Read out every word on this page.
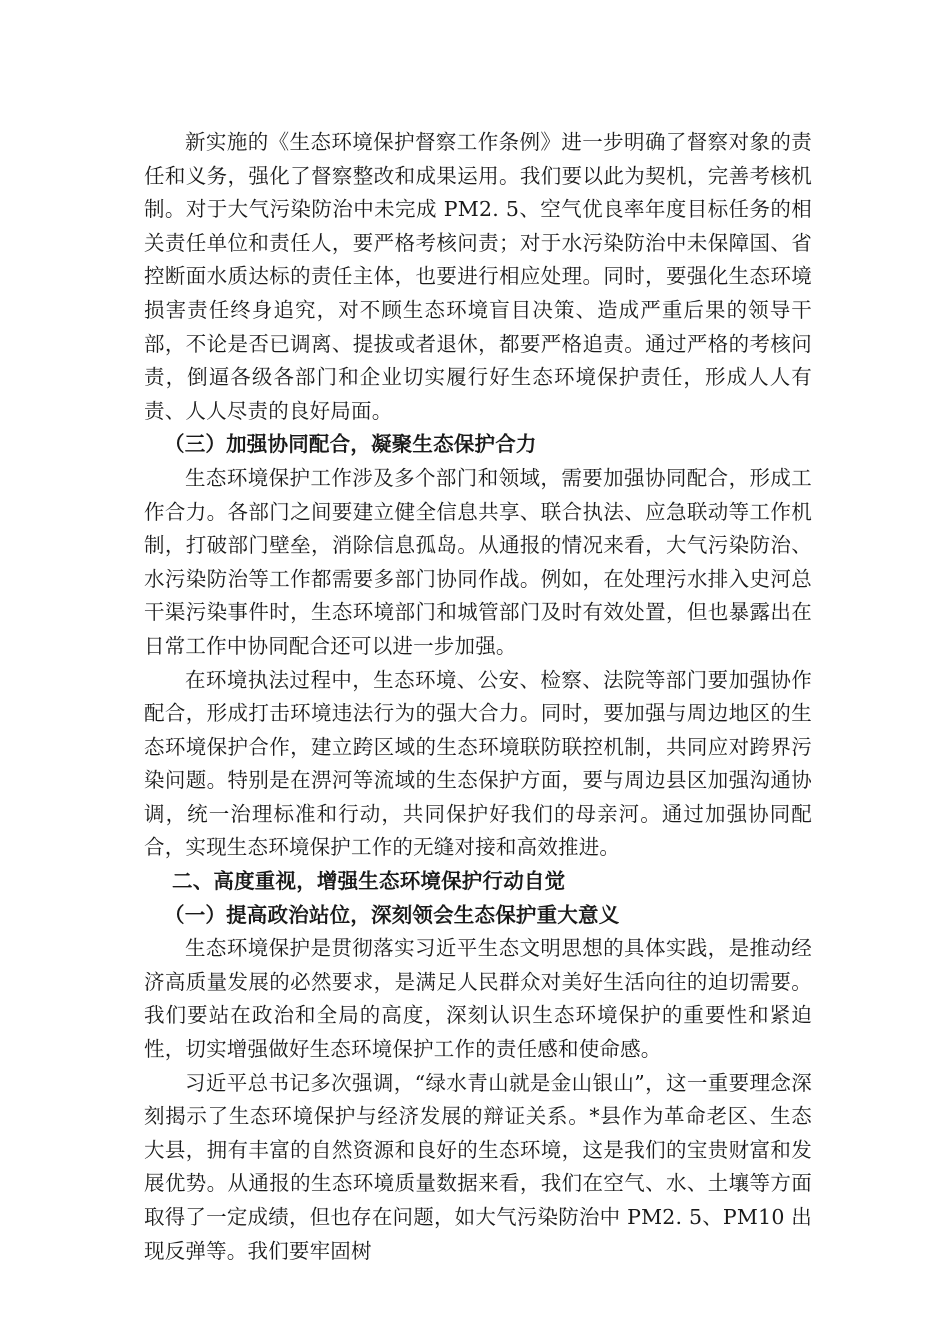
新实施的《生态环境保护督察工作条例》进一步明确了督察对象的责任和义务，强化了督察整改和成果运用。我们要以此为契机，完善考核机制。对于大气污染防治中未完成 PM2. 5、空气优良率年度目标任务的相关责任单位和责任人，要严格考核问责；对于水污染防治中未保障国、省控断面水质达标的责任主体，也要进行相应处理。同时，要强化生态环境损害责任终身追究，对不顾生态环境盲目决策、造成严重后果的领导干部，不论是否已调离、提拔或者退休，都要严格追责。通过严格的考核问责，倒逼各级各部门和企业切实履行好生态环境保护责任，形成人人有责、人人尽责的良好局面。

（三）加强协同配合，凝聚生态保护合力

生态环境保护工作涉及多个部门和领域，需要加强协同配合，形成工作合力。各部门之间要建立健全信息共享、联合执法、应急联动等工作机制，打破部门壁垒，消除信息孤岛。从通报的情况来看，大气污染防治、水污染防治等工作都需要多部门协同作战。例如，在处理污水排入史河总干渠污染事件时，生态环境部门和城管部门及时有效处置，但也暴露出在日常工作中协同配合还可以进一步加强。

在环境执法过程中，生态环境、公安、检察、法院等部门要加强协作配合，形成打击环境违法行为的强大合力。同时，要加强与周边地区的生态环境保护合作，建立跨区域的生态环境联防联控机制，共同应对跨界污染问题。特别是在淠河等流域的生态保护方面，要与周边县区加强沟通协调，统一治理标准和行动，共同保护好我们的母亲河。通过加强协同配合，实现生态环境保护工作的无缝对接和高效推进。

二、高度重视，增强生态环境保护行动自觉

（一）提高政治站位，深刻领会生态保护重大意义

生态环境保护是贯彻落实习近平生态文明思想的具体实践，是推动经济高质量发展的必然要求，是满足人民群众对美好生活向往的迫切需要。我们要站在政治和全局的高度，深刻认识生态环境保护的重要性和紧迫性，切实增强做好生态环境保护工作的责任感和使命感。

习近平总书记多次强调，“绿水青山就是金山银山”，这一重要理念深刻揭示了生态环境保护与经济发展的辩证关系。*县作为革命老区、生态大县，拥有丰富的自然资源和良好的生态环境，这是我们的宝贵财富和发展优势。从通报的生态环境质量数据来看，我们在空气、水、土壤等方面取得了一定成绩，但也存在问题，如大气污染防治中 PM2. 5、PM10 出现反弹等。我们要牢固树
